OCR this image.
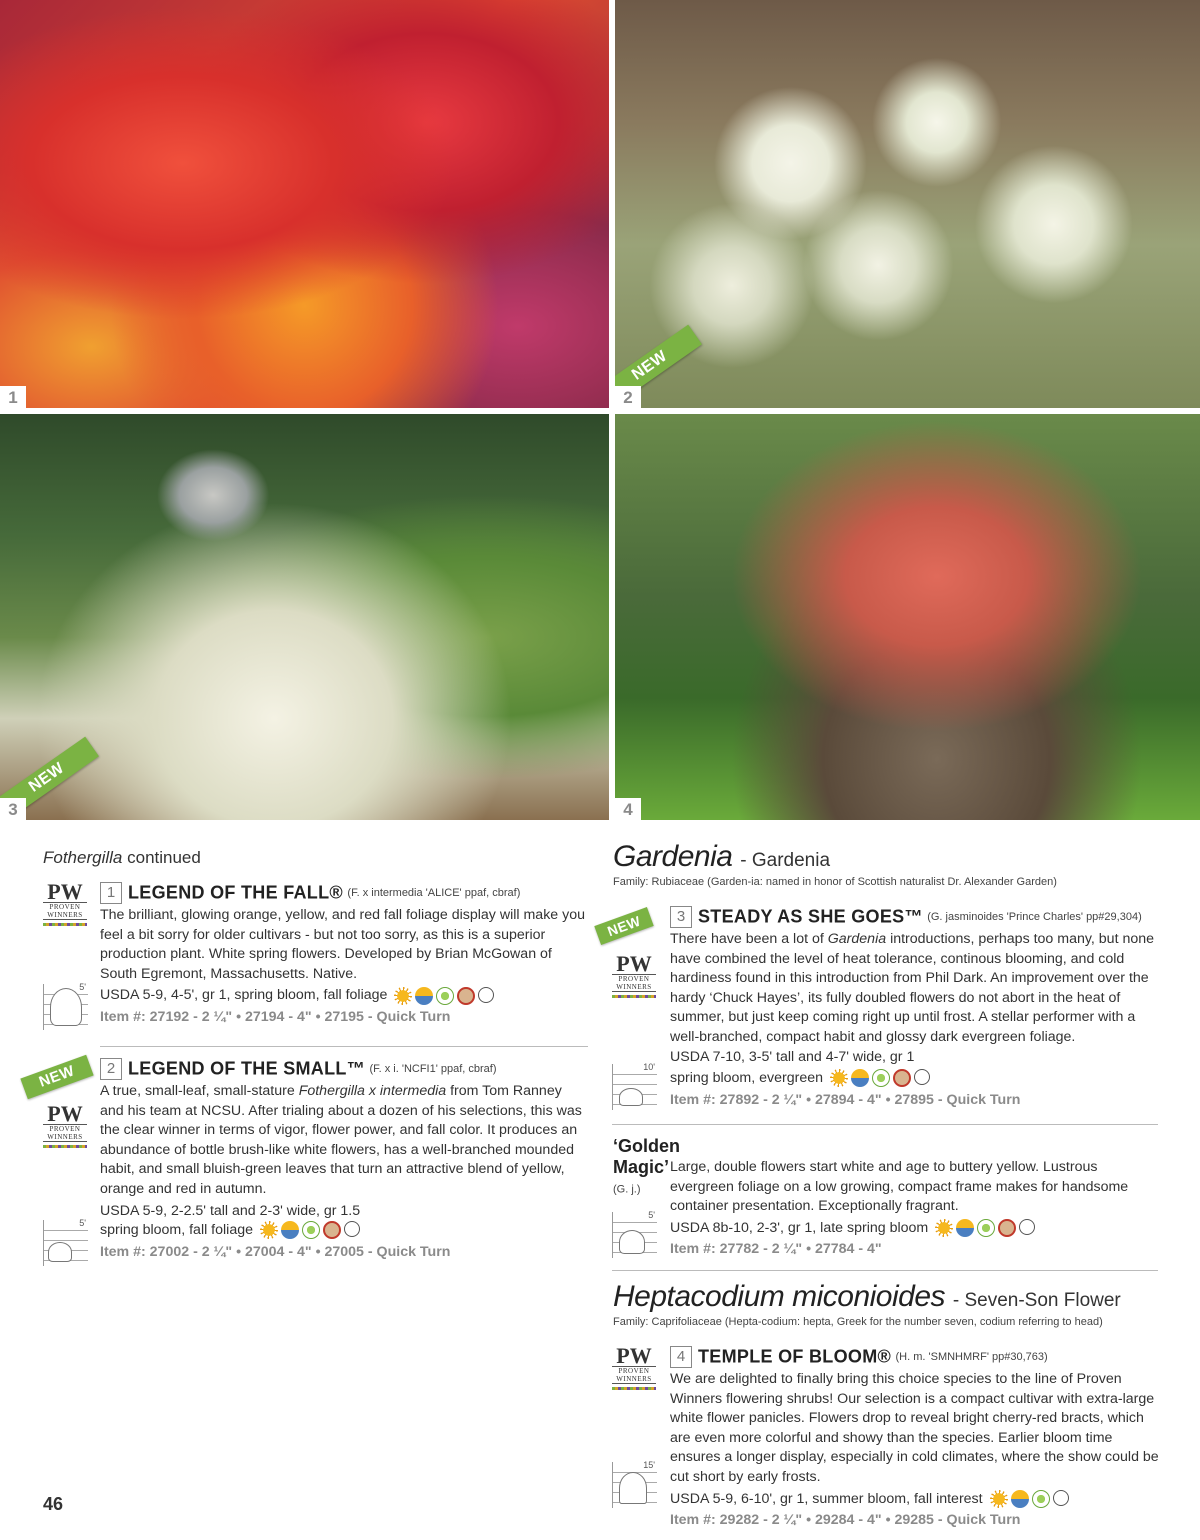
1
NEW
2
NEW
3	4
Fothergilla continued
PW
PROVEN WINNERS
5'
1 LEGEND OF THE FALL® (F. x intermedia 'ALICE' ppaf, cbraf)
The brilliant, glowing orange, yellow, and red fall foliage display will make you feel a bit sorry for older cultivars - but not too sorry, as this is a superior production plant. White spring flowers. Developed by Brian McGowan of South Egremont, Massachusetts. Native.
USDA 5-9, 4-5', gr 1, spring bloom, fall foliage
Item #: 27192 - 2 ¼" • 27194 - 4" • 27195 - Quick Turn
NEW
PW
PROVEN WINNERS
5'
2 LEGEND OF THE SMALL™ (F. x i. 'NCFI1' ppaf, cbraf)
A true, small-leaf, small-stature Fothergilla x intermedia from Tom Ranney and his team at NCSU. After trialing about a dozen of his selections, this was the clear winner in terms of vigor, flower power, and fall color. It produces an abundance of bottle brush-like white flowers, has a well-branched mounded habit, and small bluish-green leaves that turn an attractive blend of yellow, orange and red in autumn.
USDA 5-9, 2-2.5' tall and 2-3' wide, gr 1.5
spring bloom, fall foliage
Item #: 27002 - 2 ¼" • 27004 - 4" • 27005 - Quick Turn
Gardenia - Gardenia
Family: Rubiaceae (Garden-ia: named in honor of Scottish naturalist Dr. Alexander Garden)
NEW
PW
PROVEN WINNERS
10'
3 STEADY AS SHE GOES™ (G. jasminoides 'Prince Charles' pp#29,304)
There have been a lot of Gardenia introductions, perhaps too many, but none have combined the level of heat tolerance, continous blooming, and cold hardiness found in this introduction from Phil Dark. An improvement over the hardy ‘Chuck Hayes’, its fully doubled flowers do not abort in the heat of summer, but just keep coming right up until frost. A stellar performer with a well-branched, compact habit and glossy dark evergreen foliage.
USDA 7-10, 3-5' tall and 4-7' wide, gr 1
spring bloom, evergreen
Item #: 27892 - 2 ¼" • 27894 - 4" • 27895 - Quick Turn
‘Golden Magic’ (G. j.)
5'
Large, double flowers start white and age to buttery yellow. Lustrous evergreen foliage on a low growing, compact frame makes for handsome container presentation. Exceptionally fragrant.
USDA 8b-10, 2-3', gr 1, late spring bloom
Item #: 27782 - 2 ¼" • 27784 - 4"
Heptacodium miconioides - Seven-Son Flower
Family: Caprifoliaceae (Hepta-codium: hepta, Greek for the number seven, codium referring to head)
PW
PROVEN WINNERS
15'
4 TEMPLE OF BLOOM® (H. m. 'SMNHMRF' pp#30,763)
We are delighted to finally bring this choice species to the line of Proven Winners flowering shrubs! Our selection is a compact cultivar with extra-large white flower panicles. Flowers drop to reveal bright cherry-red bracts, which are even more colorful and showy than the species. Earlier bloom time ensures a longer display, especially in cold climates, where the show could be cut short by early frosts.
USDA 5-9, 6-10', gr 1, summer bloom, fall interest
Item #: 29282 - 2 ¼" • 29284 - 4" • 29285 - Quick Turn
46
